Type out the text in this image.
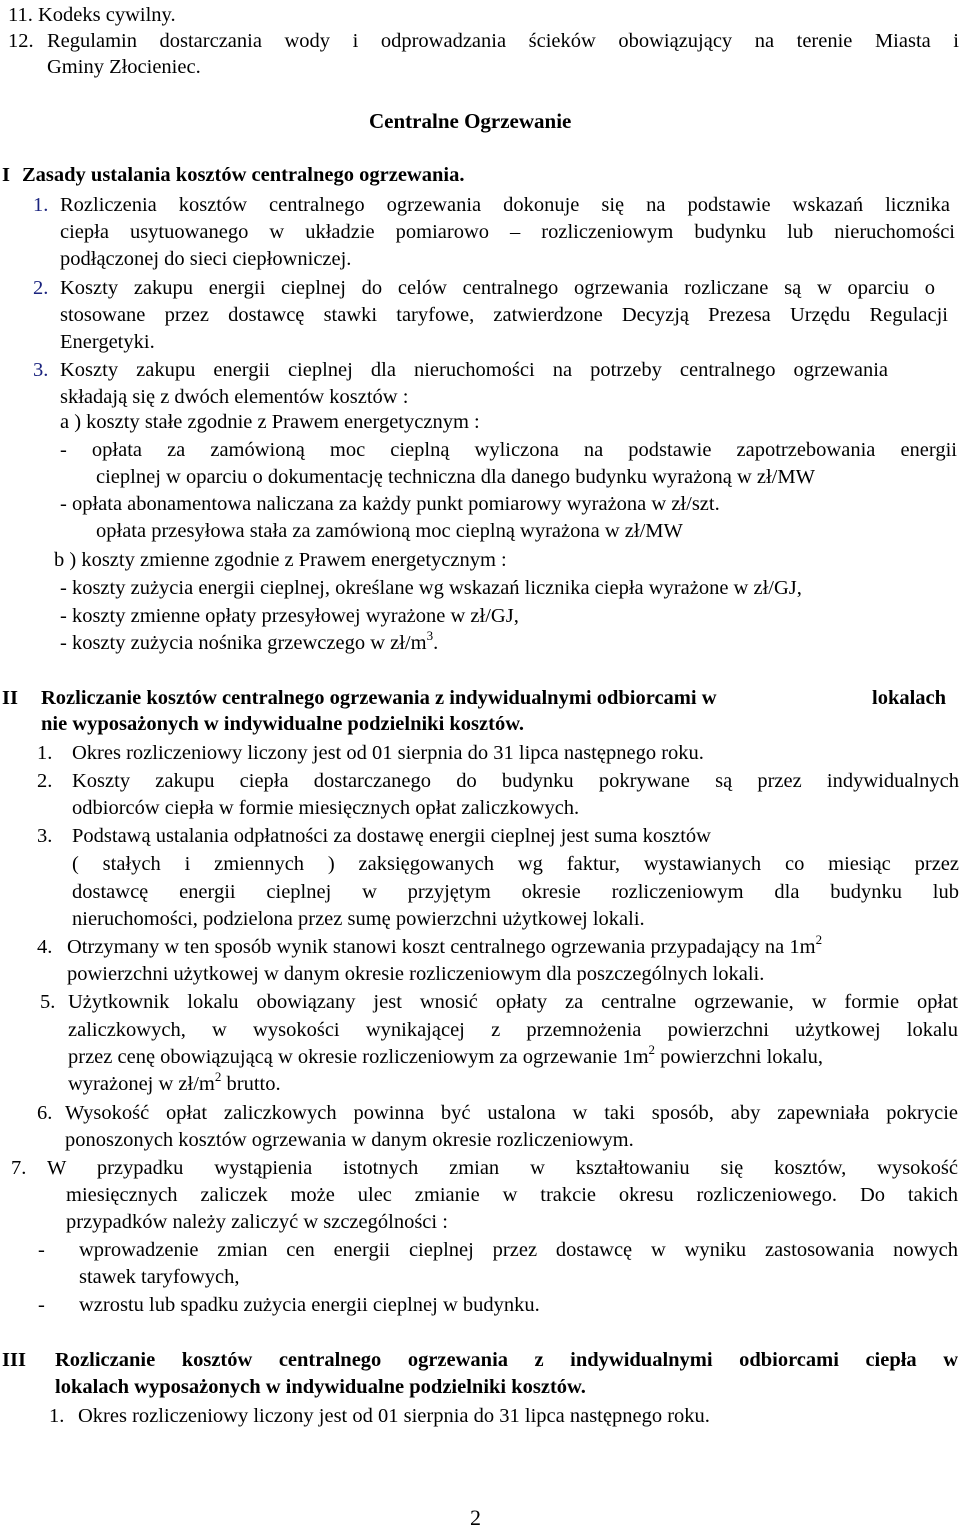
11. Kodeks cywilny.
12. Regulamin dostarczania wody i odprowadzania ścieków obowiązujący na terenie Miasta i
Gminy Złocieniec.
Centralne Ogrzewanie
I Zasady ustalania kosztów centralnego ogrzewania.
1. Rozliczenia kosztów centralnego ogrzewania dokonuje się na podstawie wskazań licznika
ciepła usytuowanego w układzie pomiarowo – rozliczeniowym budynku lub nieruchomości
podłączonej do sieci ciepłowniczej.
2. Koszty zakupu energii cieplnej do celów centralnego ogrzewania rozliczane są w oparciu o
stosowane przez dostawcę stawki taryfowe, zatwierdzone Decyzją Prezesa Urzędu Regulacji
Energetyki.
3. Koszty zakupu energii cieplnej dla nieruchomości na potrzeby centralnego ogrzewania
składają się z dwóch elementów kosztów :
a ) koszty stałe zgodnie z Prawem energetycznym :
- opłata za zamówioną moc cieplną wyliczona na podstawie zapotrzebowania energii
cieplnej w oparciu o dokumentację techniczna dla danego budynku wyrażoną w zł/MW
- opłata abonamentowa naliczana za każdy punkt pomiarowy wyrażona w zł/szt.
opłata przesyłowa stała za zamówioną moc cieplną wyrażona w zł/MW
b ) koszty zmienne zgodnie z Prawem energetycznym :
- koszty zużycia energii cieplnej, określane wg wskazań licznika ciepła wyrażone w zł/GJ,
- koszty zmienne opłaty przesyłowej wyrażone w zł/GJ,
- koszty zużycia nośnika grzewczego w $zł/m^3$.
II Rozliczanie kosztów centralnego ogrzewania z indywidualnymi odbiorcami w	lokalach
nie wyposażonych w indywidualne podzielniki kosztów.
1. Okres rozliczeniowy liczony jest od 01 sierpnia do 31 lipca następnego roku.
2. Koszty zakupu ciepła dostarczanego do budynku pokrywane są przez indywidualnych
odbiorców ciepła w formie miesięcznych opłat zaliczkowych.
3. Podstawą ustalania odpłatności za dostawę energii cieplnej jest suma kosztów
( stałych i zmiennych ) zaksięgowanych wg faktur, wystawianych co miesiąc przez
dostawcę energii cieplnej w przyjętym okresie rozliczeniowym dla budynku lub
nieruchomości, podzielona przez sumę powierzchni użytkowej lokali.
4. Otrzymany w ten sposób wynik stanowi koszt centralnego ogrzewania przypadający na $1m^2$
powierzchni użytkowej w danym okresie rozliczeniowym dla poszczególnych lokali.
5. Użytkownik lokalu obowiązany jest wnosić opłaty za centralne ogrzewanie, w formie opłat
zaliczkowych, w wysokości wynikającej z przemnożenia powierzchni użytkowej lokalu
przez cenę obowiązującą w okresie rozliczeniowym za ogrzewanie $1m^2$ powierzchni lokalu,
wyrażonej w $zł/m^2$ brutto.
6. Wysokość opłat zaliczkowych powinna być ustalona w taki sposób, aby zapewniała pokrycie
ponoszonych kosztów ogrzewania w danym okresie rozliczeniowym.
7. W przypadku wystąpienia istotnych zmian w kształtowaniu się kosztów, wysokość
miesięcznych zaliczek może ulec zmianie w trakcie okresu rozliczeniowego. Do takich
przypadków należy zaliczyć w szczególności :
- wprowadzenie zmian cen energii cieplnej przez dostawcę w wyniku zastosowania nowych
stawek taryfowych,
- wzrostu lub spadku zużycia energii cieplnej w budynku.
III Rozliczanie kosztów centralnego ogrzewania z indywidualnymi odbiorcami ciepła w
lokalach wyposażonych w indywidualne podzielniki kosztów.
1. Okres rozliczeniowy liczony jest od 01 sierpnia do 31 lipca następnego roku.
2
